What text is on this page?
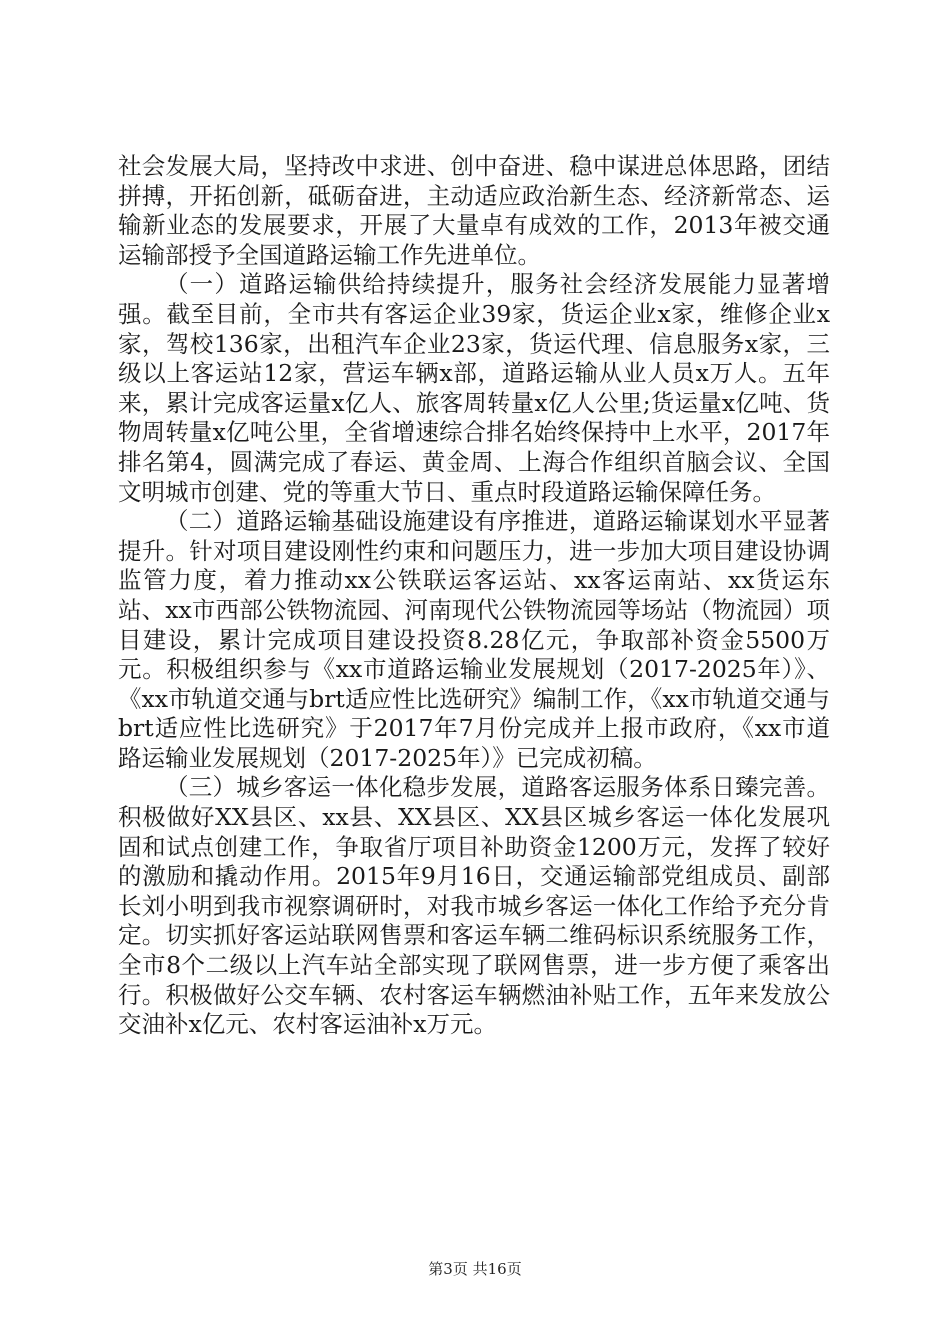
社会发展大局，坚持改中求进、创中奋进、稳中谋进总体思路，团结拼搏，开拓创新，砥砺奋进，主动适应政治新生态、经济新常态、运输新业态的发展要求，开展了大量卓有成效的工作，2013年被交通运输部授予全国道路运输工作先进单位。

（一）道路运输供给持续提升，服务社会经济发展能力显著增强。截至目前，全市共有客运企业39家，货运企业x家，维修企业x家，驾校136家，出租汽车企业23家，货运代理、信息服务x家，三级以上客运站12家，营运车辆x部，道路运输从业人员x万人。五年来，累计完成客运量x亿人、旅客周转量x亿人公里;货运量x亿吨、货物周转量x亿吨公里，全省增速综合排名始终保持中上水平，2017年排名第4，圆满完成了春运、黄金周、上海合作组织首脑会议、全国文明城市创建、党的等重大节日、重点时段道路运输保障任务。

（二）道路运输基础设施建设有序推进，道路运输谋划水平显著提升。针对项目建设刚性约束和问题压力，进一步加大项目建设协调监管力度，着力推动xx公铁联运客运站、xx客运南站、xx货运东站、xx市西部公铁物流园、河南现代公铁物流园等场站（物流园）项目建设，累计完成项目建设投资8.28亿元，争取部补资金5500万元。积极组织参与《xx市道路运输业发展规划（2017-2025年）》、《xx市轨道交通与brt适应性比选研究》编制工作，《xx市轨道交通与brt适应性比选研究》于2017年7月份完成并上报市政府，《xx市道路运输业发展规划（2017-2025年）》已完成初稿。

（三）城乡客运一体化稳步发展，道路客运服务体系日臻完善。积极做好XX县区、xx县、XX县区、XX县区城乡客运一体化发展巩固和试点创建工作，争取省厅项目补助资金1200万元，发挥了较好的激励和撬动作用。2015年9月16日，交通运输部党组成员、副部长刘小明到我市视察调研时，对我市城乡客运一体化工作给予充分肯定。切实抓好客运站联网售票和客运车辆二维码标识系统服务工作，全市8个二级以上汽车站全部实现了联网售票，进一步方便了乘客出行。积极做好公交车辆、农村客运车辆燃油补贴工作，五年来发放公交油补x亿元、农村客运油补x万元。

第3页 共16页
